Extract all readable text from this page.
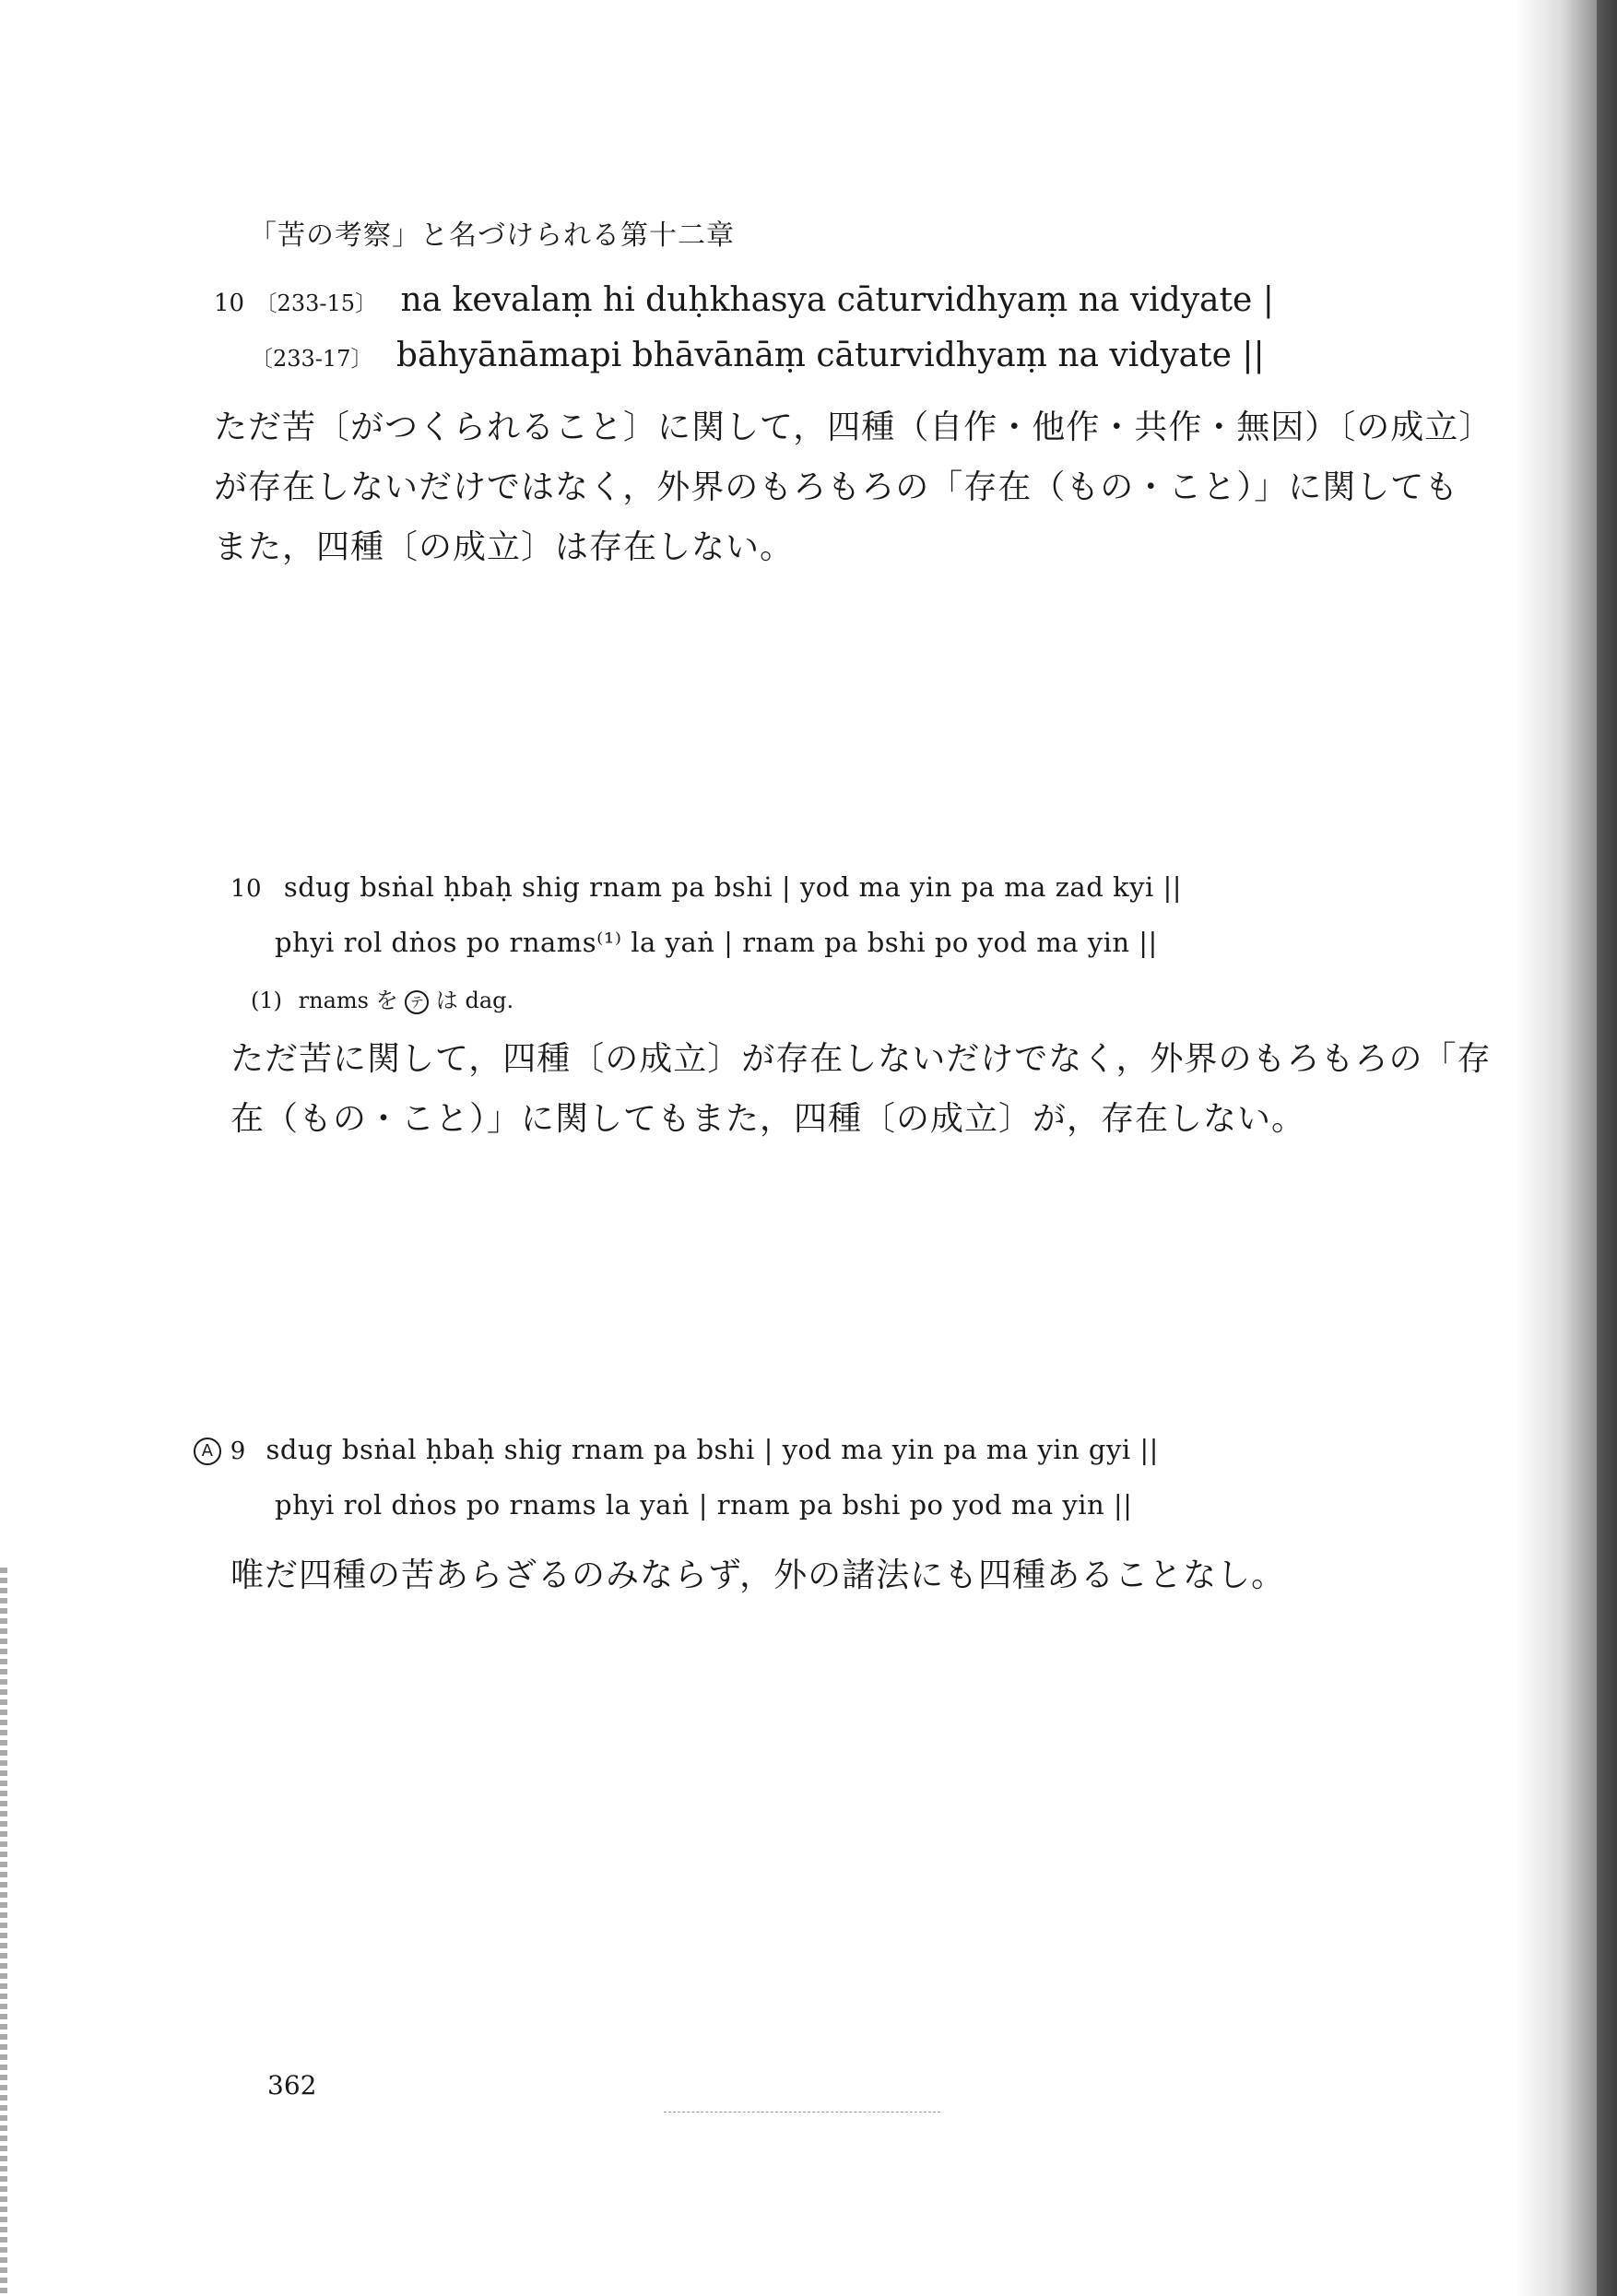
「苦の考察」と名づけられる第十二章
10 〔233-15〕 na kevalaṃ hi duḥkhasya cāturvidhyaṃ na vidyate |
〔233-17〕 bāhyānāmapi bhāvānāṃ cāturvidhyaṃ na vidyate ||
ただ苦〔がつくられること〕に関して，四種（自作・他作・共作・無因）〔の成立〕
が存在しないだけではなく，外界のもろもろの「存在（もの・こと）」に関しても
また，四種〔の成立〕は存在しない。
10 sdug bsṅal ḥbaḥ shig rnam pa bshi | yod ma yin pa ma zad kyi ||
phyi rol dṅos po rnams⁽¹⁾ la yaṅ | rnam pa bshi po yod ma yin ||
(1) rnams を テ は dag.
ただ苦に関して，四種〔の成立〕が存在しないだけでなく，外界のもろもろの「存
在（もの・こと）」に関してもまた，四種〔の成立〕が，存在しない。
A 9 sdug bsṅal ḥbaḥ shig rnam pa bshi | yod ma yin pa ma yin gyi ||
phyi rol dṅos po rnams la yaṅ | rnam pa bshi po yod ma yin ||
唯だ四種の苦あらざるのみならず，外の諸法にも四種あることなし。
362
